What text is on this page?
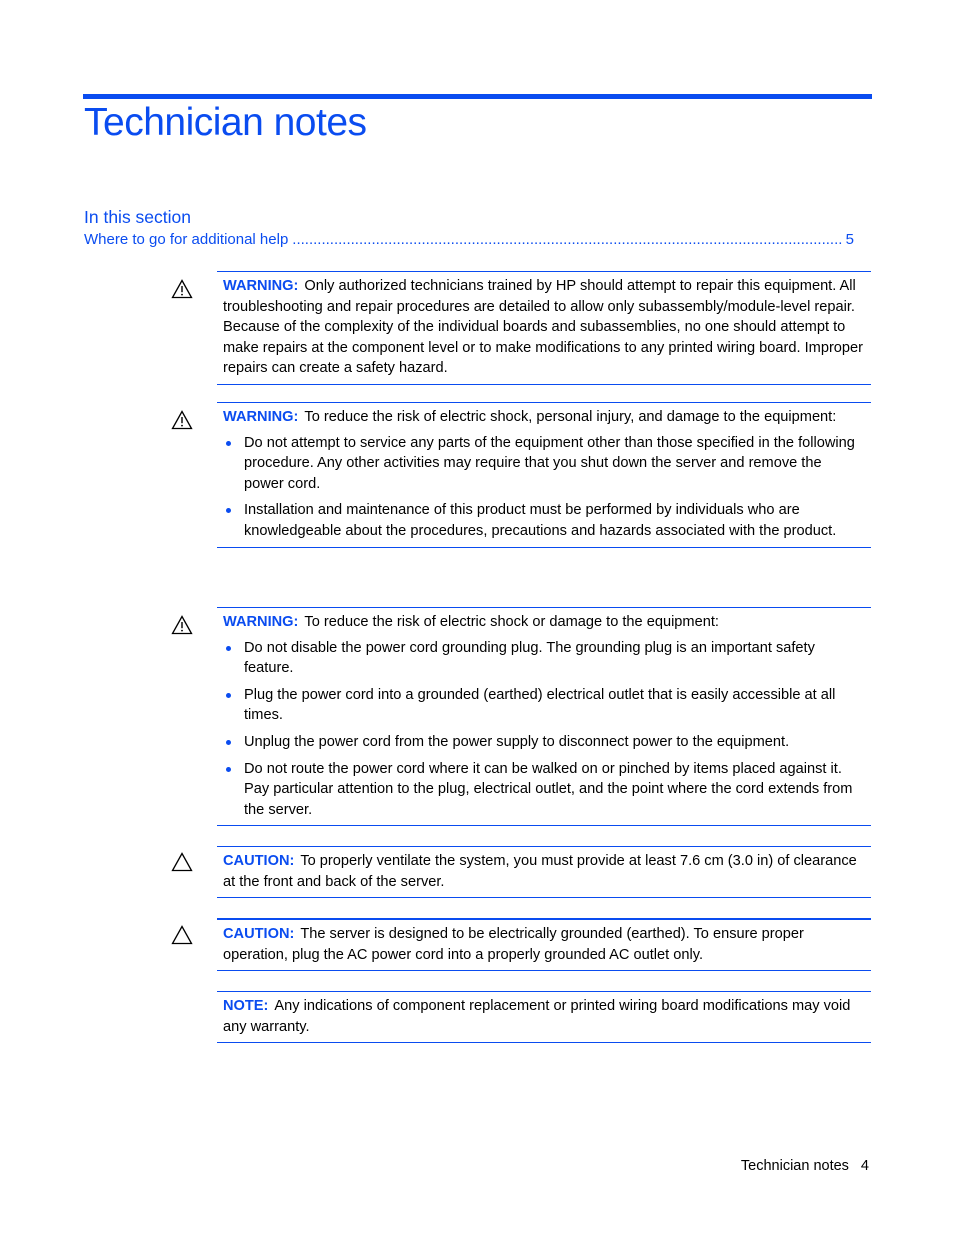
Technician notes
In this section
Where to go for additional help
.....	5

WARNING: Only authorized technicians trained by HP should attempt to repair this equipment. All troubleshooting and repair procedures are detailed to allow only subassembly/module-level repair. Because of the complexity of the individual boards and subassemblies, no one should attempt to make repairs at the component level or to make modifications to any printed wiring board. Improper repairs can create a safety hazard.

WARNING: To reduce the risk of electric shock, personal injury, and damage to the equipment:

Do not attempt to service any parts of the equipment other than those specified in the following procedure. Any other activities may require that you shut down the server and remove the power cord.
Installation and maintenance of this product must be performed by individuals who are knowledgeable about the procedures, precautions and hazards associated with the product.

WARNING: To reduce the risk of electric shock or damage to the equipment:

Do not disable the power cord grounding plug. The grounding plug is an important safety feature.
Plug the power cord into a grounded (earthed) electrical outlet that is easily accessible at all times.
Unplug the power cord from the power supply to disconnect power to the equipment.
Do not route the power cord where it can be walked on or pinched by items placed against it. Pay particular attention to the plug, electrical outlet, and the point where the cord extends from the server.

CAUTION: To properly ventilate the system, you must provide at least 7.6 cm (3.0 in) of clearance at the front and back of the server.

CAUTION: The server is designed to be electrically grounded (earthed). To ensure proper operation, plug the AC power cord into a properly grounded AC outlet only.

NOTE: Any indications of component replacement or printed wiring board modifications may void any warranty.

Technician notes 4
